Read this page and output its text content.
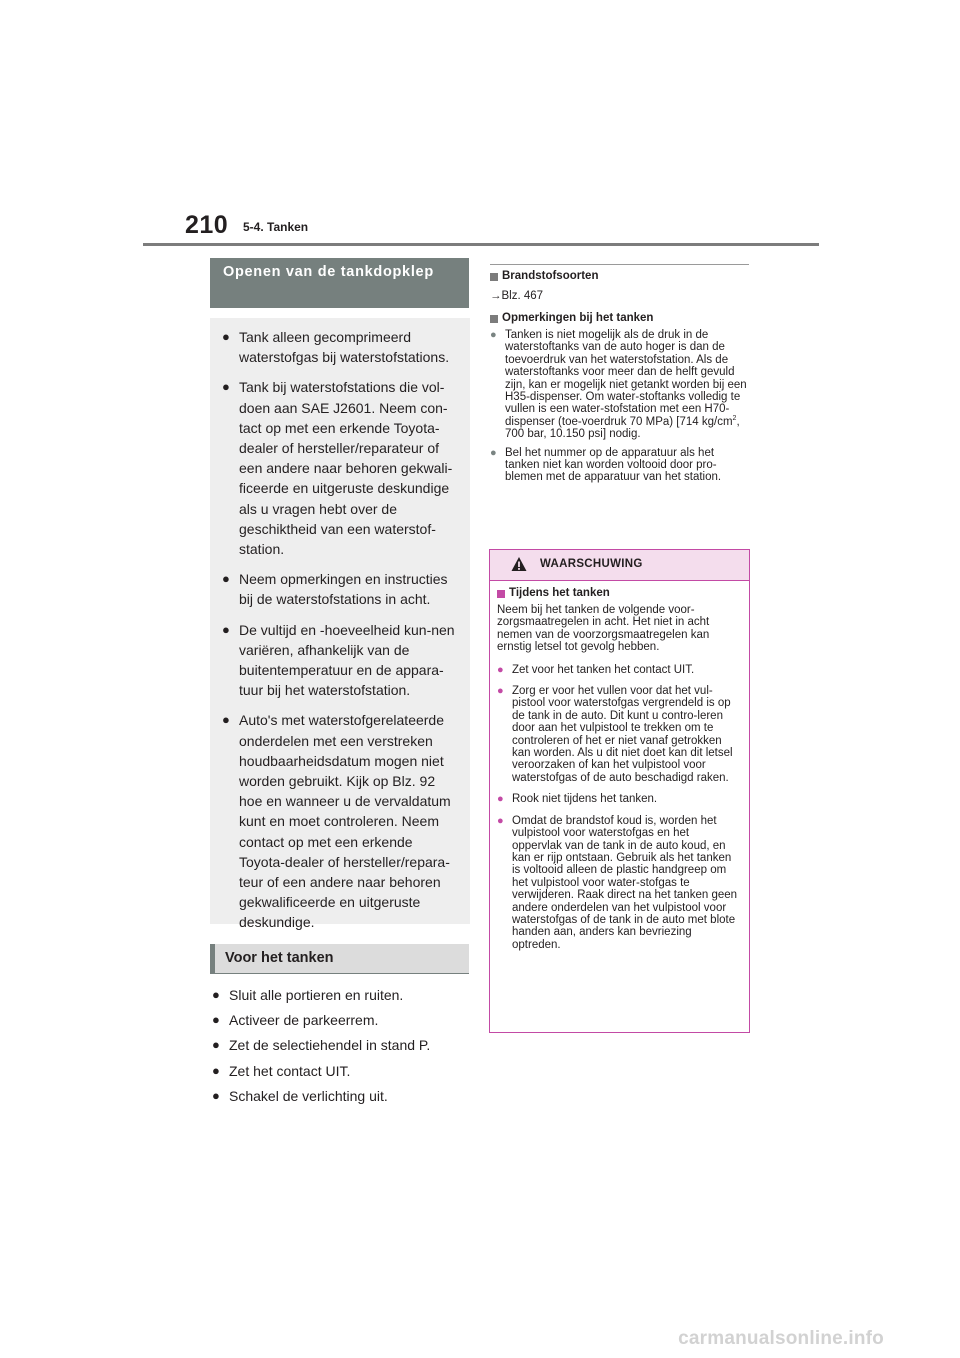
210 5-4. Tanken
Openen van de tankdopklep
● Tank alleen gecomprimeerd waterstofgas bij waterstofstations.
● Tank bij waterstofstations die vol-doen aan SAE J2601. Neem con-tact op met een erkende Toyota-dealer of hersteller/reparateur of een andere naar behoren gekwali-ficeerde en uitgeruste deskundige als u vragen hebt over de geschiktheid van een waterstof-station.
● Neem opmerkingen en instructies bij de waterstofstations in acht.
● De vultijd en -hoeveelheid kun-nen variëren, afhankelijk van de buitentemperatuur en de appara-tuur bij het waterstofstation.
● Auto's met waterstofgerelateerde onderdelen met een verstreken houdbaarheidsdatum mogen niet worden gebruikt. Kijk op Blz. 92 hoe en wanneer u de vervaldatum kunt en moet controleren. Neem contact op met een erkende Toyota-dealer of hersteller/repara-teur of een andere naar behoren gekwalificeerde en uitgeruste deskundige.
Voor het tanken
● Sluit alle portieren en ruiten.
● Activeer de parkeerrem.
● Zet de selectiehendel in stand P.
● Zet het contact UIT.
● Schakel de verlichting uit.
Brandstofsoorten
→Blz. 467
Opmerkingen bij het tanken
● Tanken is niet mogelijk als de druk in de waterstoftanks van de auto hoger is dan de toevoerdruk van het waterstofstation. Als de waterstoftanks voor meer dan de helft gevuld zijn, kan er mogelijk niet getankt worden bij een H35-dispenser. Om water-stoftanks volledig te vullen is een water-stofstation met een H70-dispenser (toe-voerdruk 70 MPa) [714 $kg/cm^2$, 700 bar, 10.150 psi] nodig.
● Bel het nummer op de apparatuur als het tanken niet kan worden voltooid door pro-blemen met de apparatuur van het station.
WAARSCHUWING
Tijdens het tanken
Neem bij het tanken de volgende voor-zorgsmaatregelen in acht. Het niet in acht nemen van de voorzorgsmaatregelen kan ernstig letsel tot gevolg hebben.
● Zet voor het tanken het contact UIT.
● Zorg er voor het vullen voor dat het vul-pistool voor waterstofgas vergrendeld is op de tank in de auto. Dit kunt u contro-leren door aan het vulpistool te trekken om te controleren of het er niet vanaf getrokken kan worden. Als u dit niet doet kan dit letsel veroorzaken of kan het vulpistool voor waterstofgas of de auto beschadigd raken.
● Rook niet tijdens het tanken.
● Omdat de brandstof koud is, worden het vulpistool voor waterstofgas en het oppervlak van de tank in de auto koud, en kan er rijp ontstaan. Gebruik als het tanken is voltooid alleen de plastic handgreep om het vulpistool voor water-stofgas te verwijderen. Raak direct na het tanken geen andere onderdelen van het vulpistool voor waterstofgas of de tank in de auto met blote handen aan, anders kan bevriezing optreden.
carmanualsonline.info
